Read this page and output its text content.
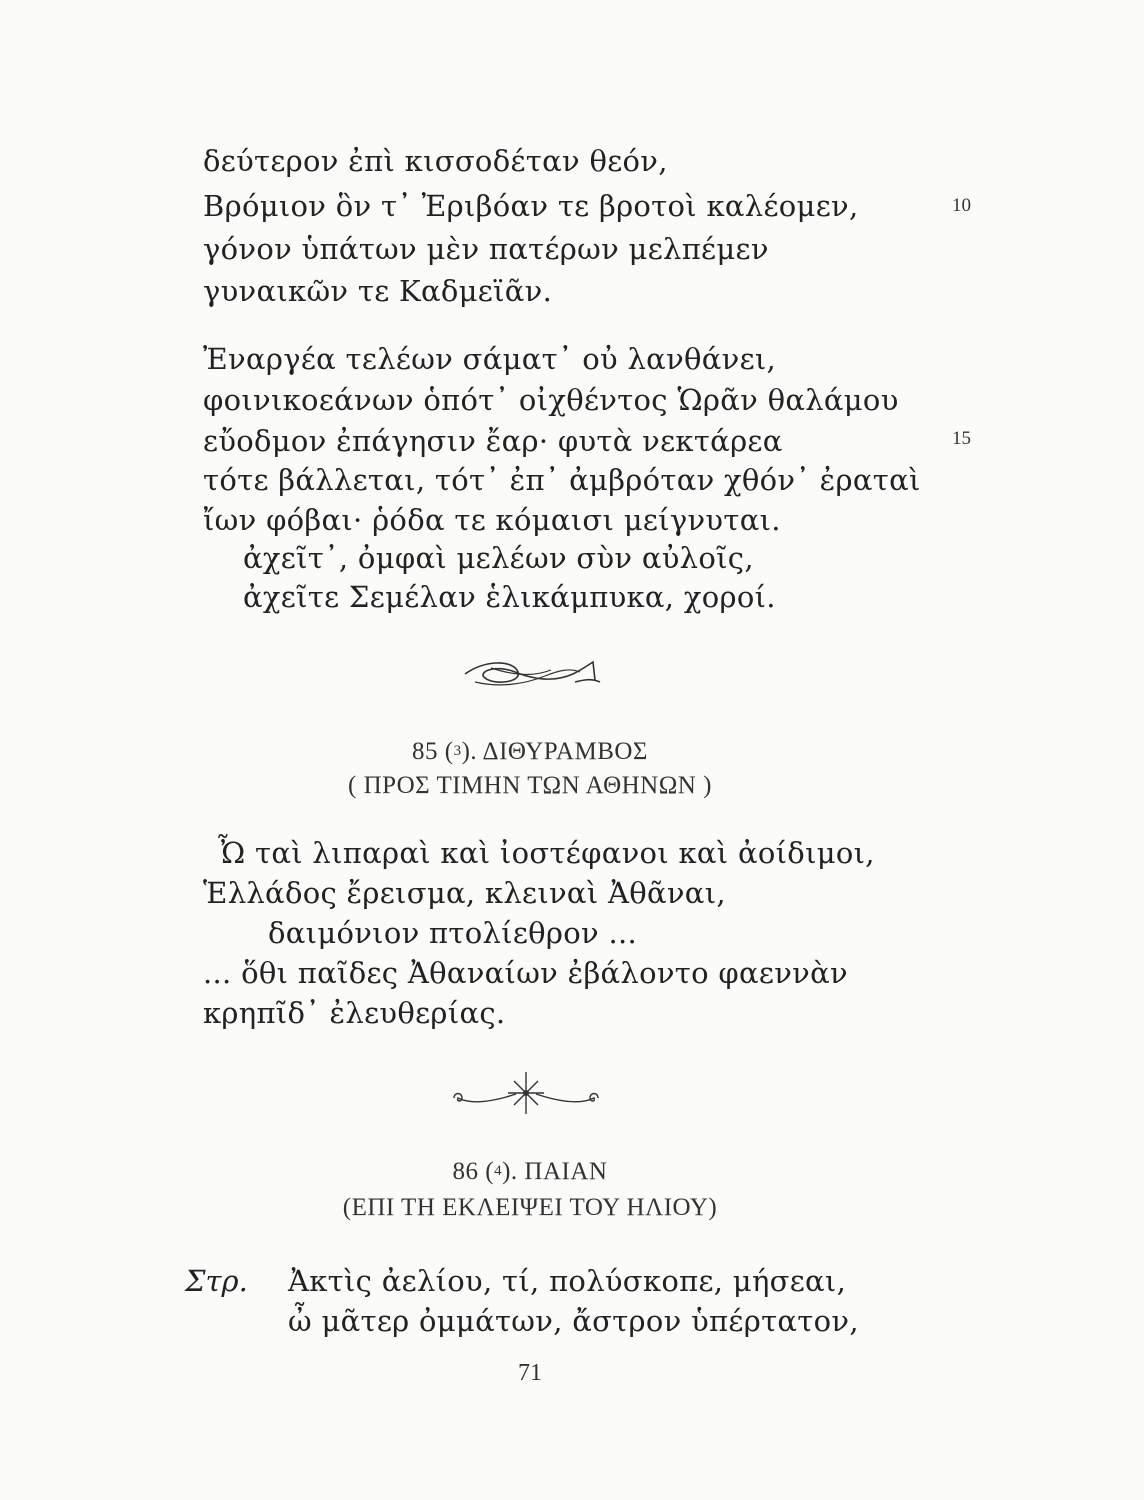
δεύτερον ἐπὶ κισσοδέταν θεόν,
Βρόμιον ὃν τ᾽ Ἐριβόαν τε βροτοὶ καλέομεν,	10
γόνον ὑπάτων μὲν πατέρων μελπέμεν
γυναικῶν τε Καδμεϊᾶν.
Ἐναργέα τελέων σάματ᾽ οὐ λανθάνει,
φοινικοεάνων ὁπότ᾽ οἰχθέντος Ὡρᾶν θαλάμου
εὔοδμον ἐπάγησιν ἔαρ· φυτὰ νεκτάρεα	15
τότε βάλλεται, τότ᾽ ἐπ᾽ ἀμβρόταν χθόν᾽ ἐραταὶ
ἴων φόβαι· ῥόδα τε κόμαισι μείγνυται.
ἀχεῖτ᾽, ὀμφαὶ μελέων σὺν αὐλοῖς,
ἀχεῖτε Σεμέλαν ἑλικάμπυκα, χοροί.
85 ($^3$). ΔΙΘΥΡΑΜΒΟΣ
( ΠΡΟΣ ΤΙΜΗΝ ΤΩΝ ΑΘΗΝΩΝ )
Ὦ ταὶ λιπαραὶ καὶ ἰοστέφανοι καὶ ἀοίδιμοι,
Ἑλλάδος ἔρεισμα, κλειναὶ Ἀθᾶναι,
δαιμόνιον πτολίεθρον ...
... ὅθι παῖδες Ἀθαναίων ἐβάλοντο φαεννὰν
κρηπῖδ᾽ ἐλευθερίας.
86 ($^4$). ΠΑΙΑΝ
(ΕΠΙ ΤΗ ΕΚΛΕΙΨΕΙ ΤΟΥ ΗΛΙΟΥ)
Στρ. Ἀκτὶς ἀελίου, τί, πολύσκοπε, μήσεαι,
ὦ μᾶτερ ὀμμάτων, ἄστρον ὑπέρτατον,
71
